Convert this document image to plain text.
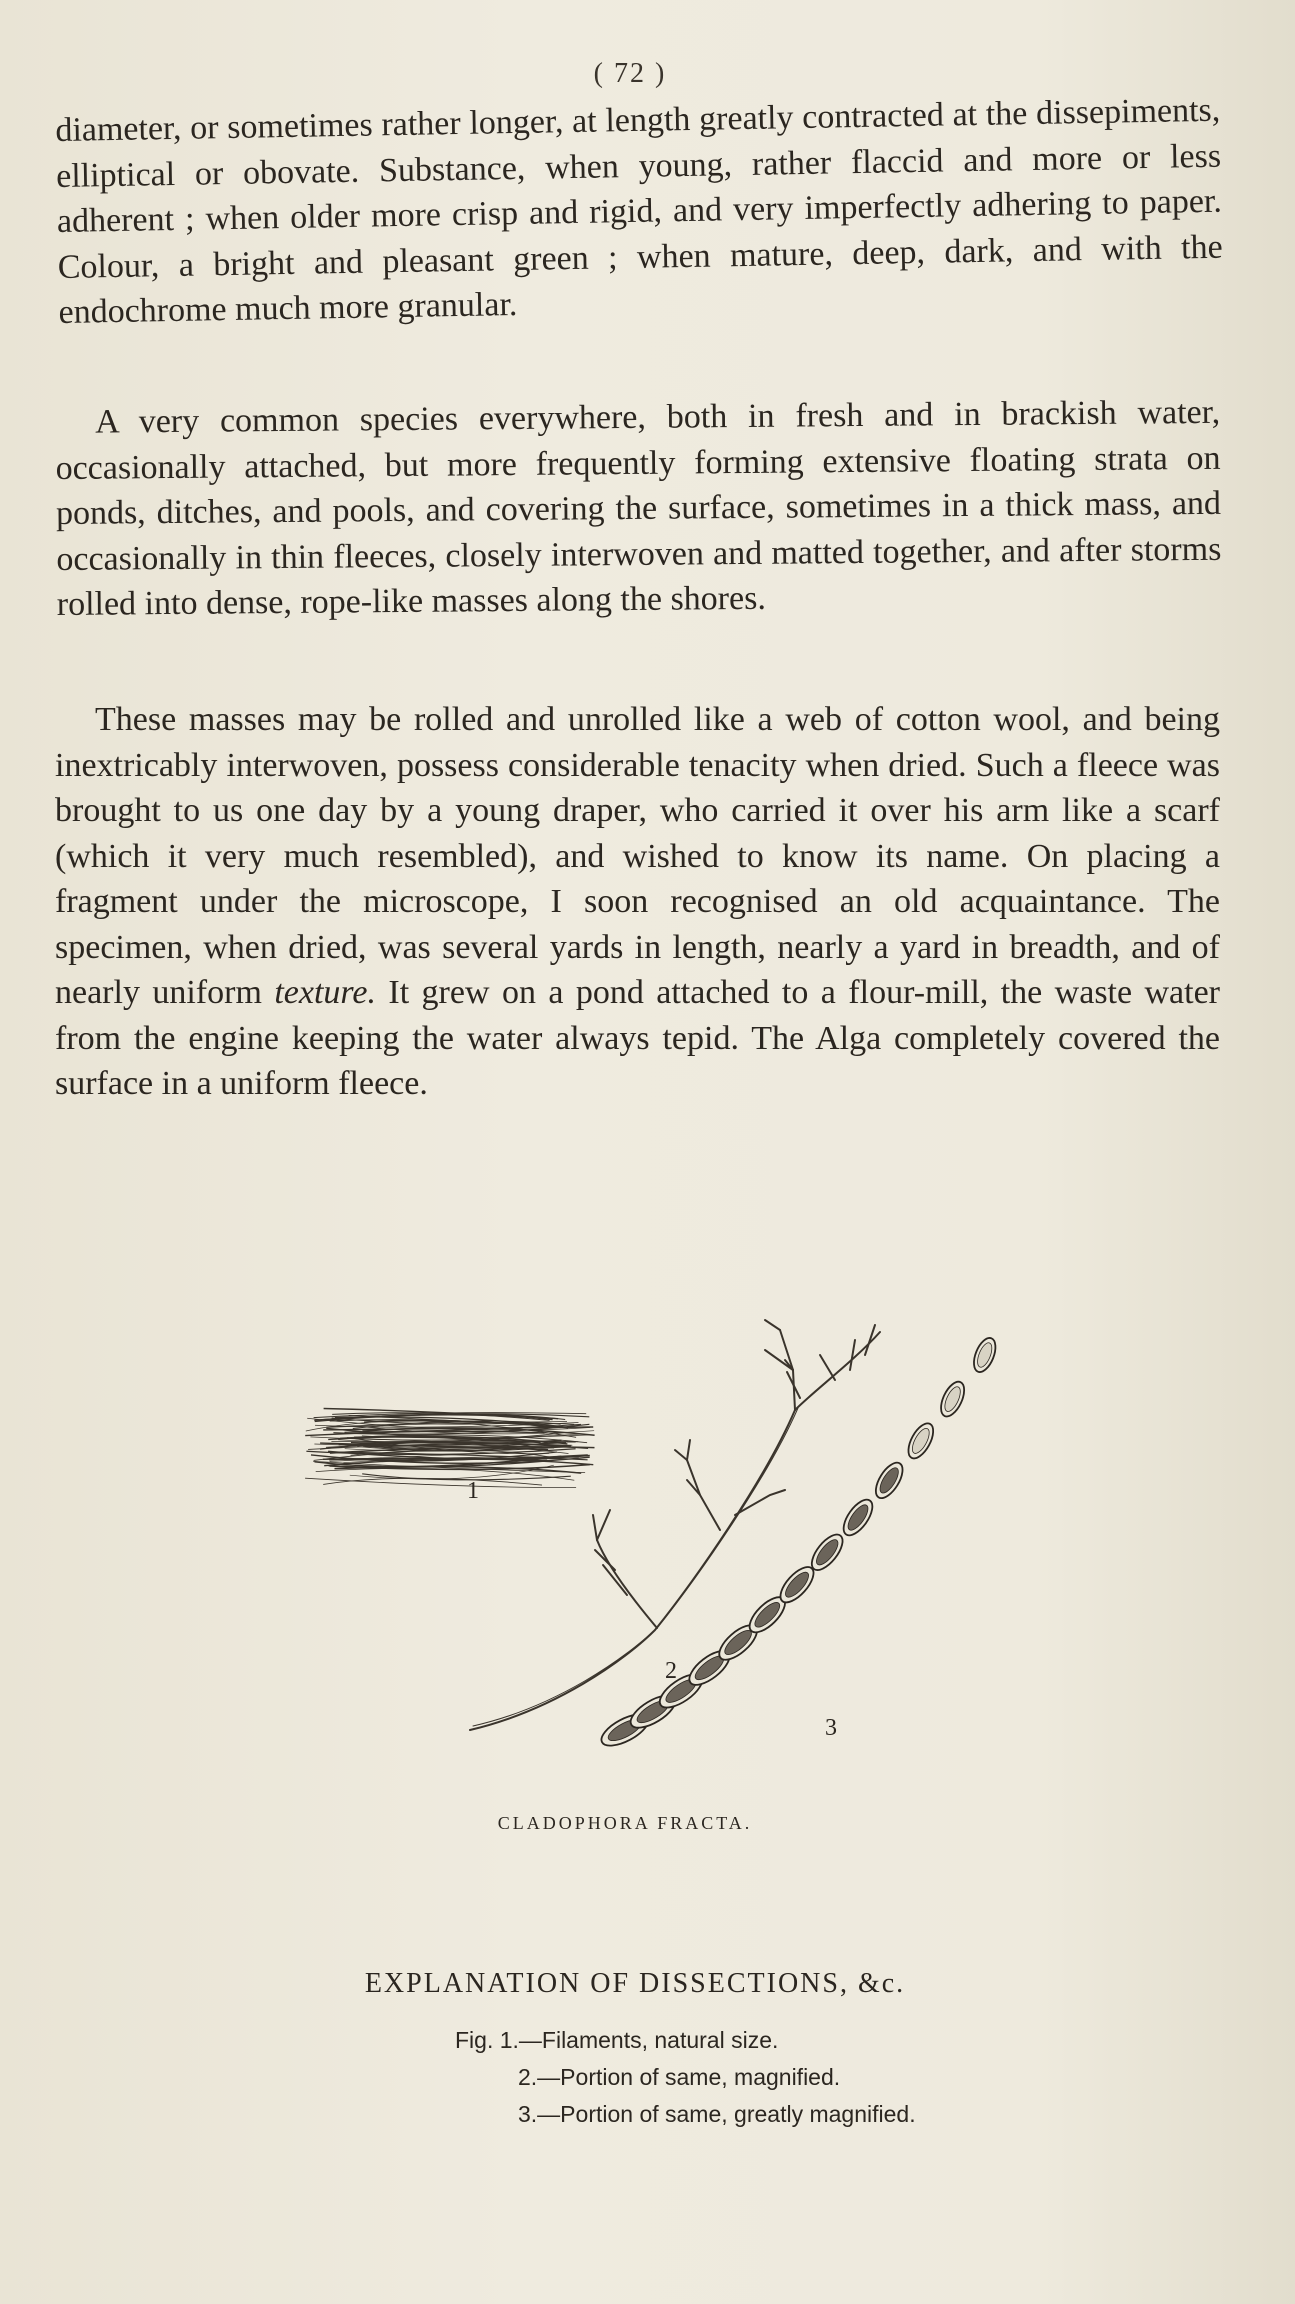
( 72 )

diameter, or sometimes rather longer, at length greatly contracted at the dissepiments, elliptical or obovate. Substance, when young, rather flaccid and more or less adherent ; when older more crisp and rigid, and very imperfectly adhering to paper. Colour, a bright and pleasant green ; when mature, deep, dark, and with the endochrome much more granular.

A very common species everywhere, both in fresh and in brackish water, occasionally attached, but more frequently forming extensive floating strata on ponds, ditches, and pools, and covering the surface, sometimes in a thick mass, and occasionally in thin fleeces, closely interwoven and matted together, and after storms rolled into dense, rope-like masses along the shores.

These masses may be rolled and unrolled like a web of cotton wool, and being inextricably interwoven, possess considerable tenacity when dried. Such a fleece was brought to us one day by a young draper, who carried it over his arm like a scarf (which it very much resembled), and wished to know its name. On placing a fragment under the microscope, I soon recognised an old acquaintance. The specimen, when dried, was several yards in length, nearly a yard in breadth, and of nearly uniform texture. It grew on a pond attached to a flour-mill, the waste water from the engine keeping the water always tepid. The Alga completely covered the surface in a uniform fleece.

1
2
3
CLADOPHORA FRACTA.
EXPLANATION OF DISSECTIONS, &c.
Fig. 1.—Filaments, natural size.
2.—Portion of same, magnified.
3.—Portion of same, greatly magnified.
